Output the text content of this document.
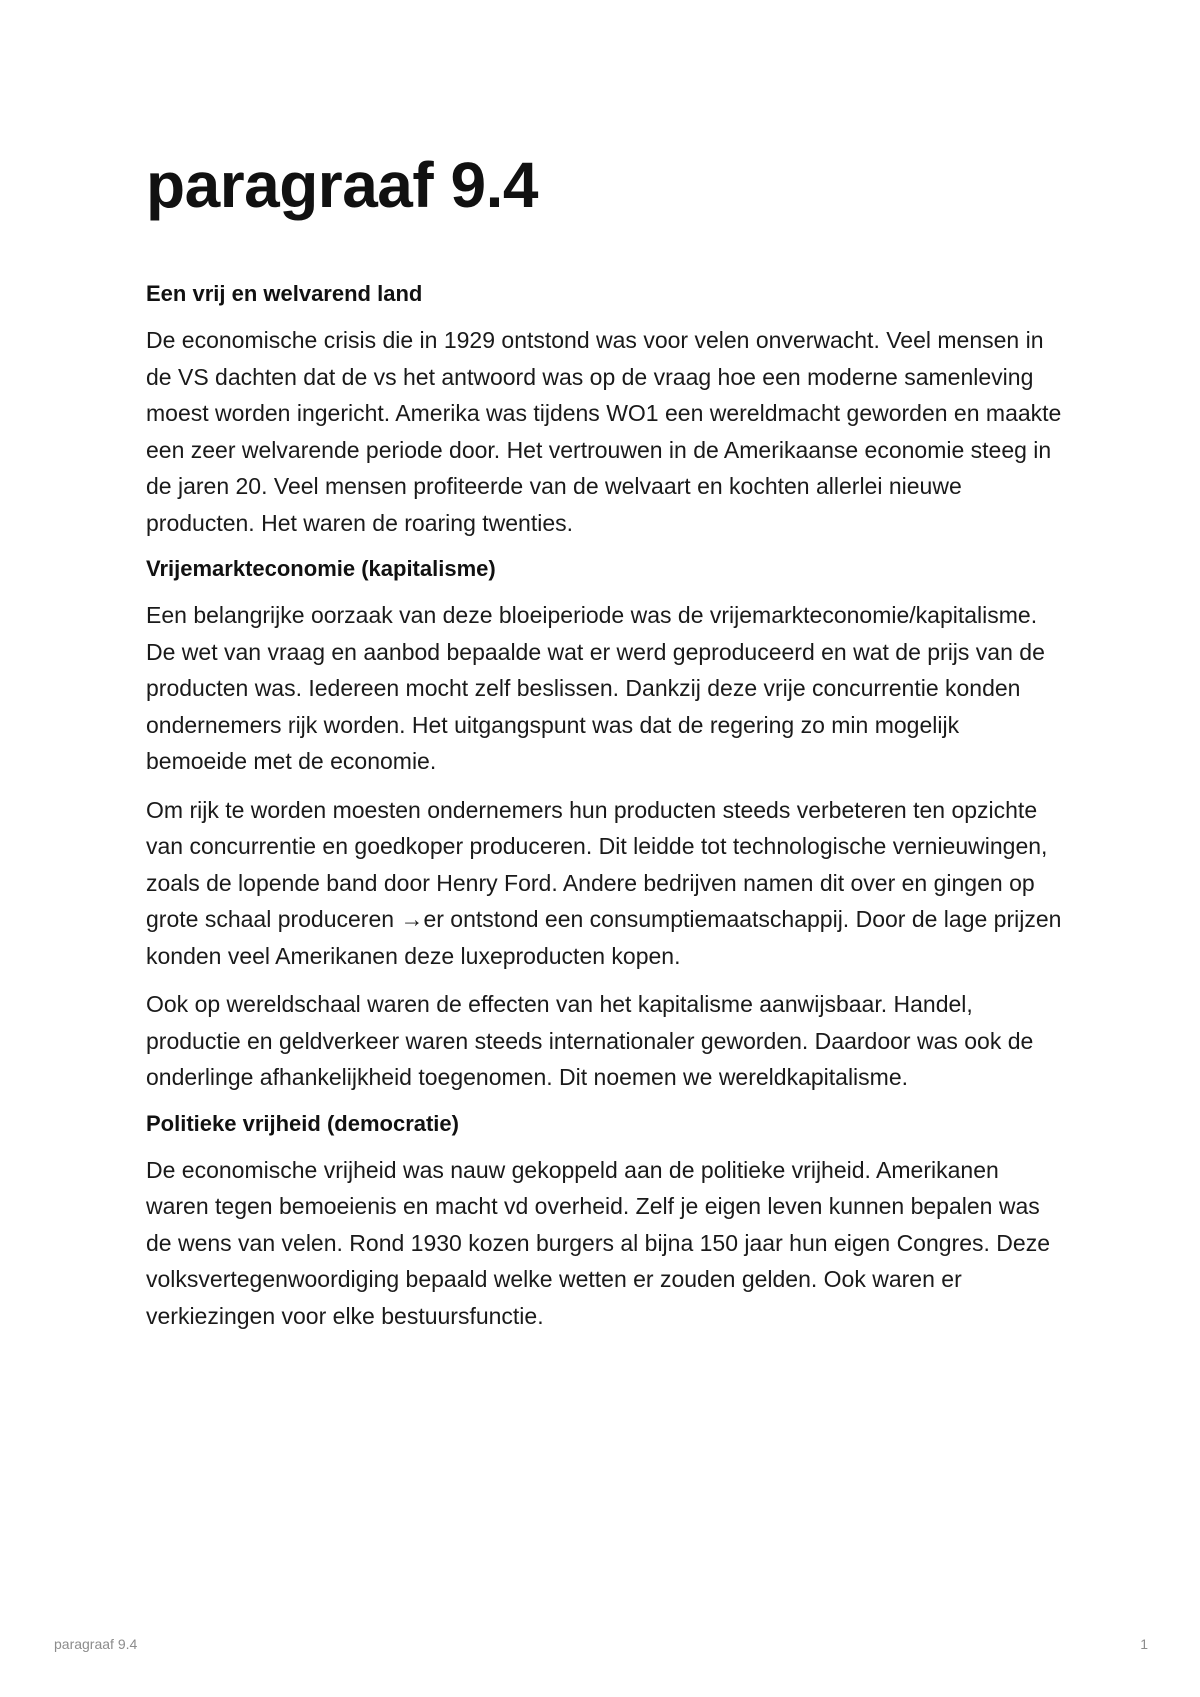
paragraaf 9.4
Een vrij en welvarend land

De economische crisis die in 1929 ontstond was voor velen onverwacht. Veel mensen in de VS dachten dat de vs het antwoord was op de vraag hoe een moderne samenleving moest worden ingericht. Amerika was tijdens WO1 een wereldmacht geworden en maakte een zeer welvarende periode door. Het vertrouwen in de Amerikaanse economie steeg in de jaren 20. Veel mensen profiteerde van de welvaart en kochten allerlei nieuwe producten. Het waren de roaring twenties.

Vrijemarkteconomie (kapitalisme)

Een belangrijke oorzaak van deze bloeiperiode was de vrijemarkteconomie/kapitalisme. De wet van vraag en aanbod bepaalde wat er werd geproduceerd en wat de prijs van de producten was. Iedereen mocht zelf beslissen. Dankzij deze vrije concurrentie konden ondernemers rijk worden. Het uitgangspunt was dat de regering zo min mogelijk bemoeide met de economie.

Om rijk te worden moesten ondernemers hun producten steeds verbeteren ten opzichte van concurrentie en goedkoper produceren. Dit leidde tot technologische vernieuwingen, zoals de lopende band door Henry Ford. Andere bedrijven namen dit over en gingen op grote schaal produceren →er ontstond een consumptiemaatschappij. Door de lage prijzen konden veel Amerikanen deze luxeproducten kopen.

Ook op wereldschaal waren de effecten van het kapitalisme aanwijsbaar. Handel, productie en geldverkeer waren steeds internationaler geworden. Daardoor was ook de onderlinge afhankelijkheid toegenomen. Dit noemen we wereldkapitalisme.

Politieke vrijheid (democratie)

De economische vrijheid was nauw gekoppeld aan de politieke vrijheid. Amerikanen waren tegen bemoeienis en macht vd overheid. Zelf je eigen leven kunnen bepalen was de wens van velen. Rond 1930 kozen burgers al bijna 150 jaar hun eigen Congres. Deze volksvertegenwoordiging bepaald welke wetten er zouden gelden. Ook waren er verkiezingen voor elke bestuursfunctie.

paragraaf 9.4	1
